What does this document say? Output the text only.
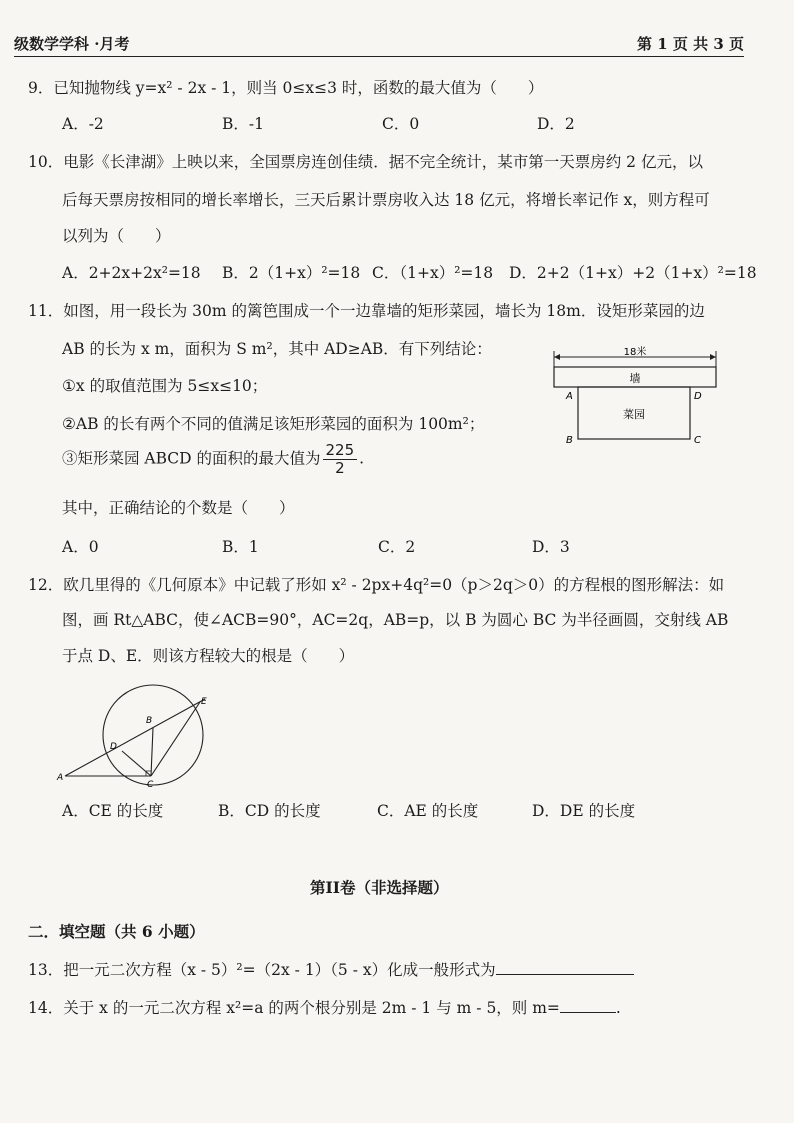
级数学学科 ·月考	第 1 页 共 3 页
9．已知抛物线 y=x² - 2x - 1，则当 0≤x≤3 时，函数的最大值为（　　）
A．-2	B．-1	C．0	D．2
10．电影《长津湖》上映以来，全国票房连创佳绩．据不完全统计，某市第一天票房约 2 亿元，以
后每天票房按相同的增长率增长，三天后累计票房收入达 18 亿元，将增长率记作 x，则方程可
以列为（　　）
A．2+2x+2x²=18 B．2（1+x）²=18 C．（1+x）²=18 D．2+2（1+x）+2（1+x）²=18
11．如图，用一段长为 30m 的篱笆围成一个一边靠墙的矩形菜园，墙长为 18m．设矩形菜园的边
AB 的长为 x m，面积为 S m²，其中 AD≥AB．有下列结论：
①x 的取值范围为 5≤x≤10；
②AB 的长有两个不同的值满足该矩形菜园的面积为 100m²；
③矩形菜园 ABCD 的面积的最大值为 $\frac{225}{2}$ .
其中，正确结论的个数是（　　）
A．0	B．1	C．2	D．3
18米
墙
菜园
A	D
B	C
12．欧几里得的《几何原本》中记载了形如 x² - 2px+4q²=0（p＞2q＞0）的方程根的图形解法：如
图，画 Rt△ABC，使∠ACB=90°，AC=2q，AB=p，以 B 为圆心 BC 为半径画圆，交射线 AB
于点 D、E．则该方程较大的根是（　　）
A
B
C
D
E
A．CE 的长度	B．CD 的长度	C．AE 的长度	D．DE 的长度
第II卷（非选择题）
二．填空题（共 6 小题）
13．把一元二次方程（x - 5）²=（2x - 1）（5 - x）化成一般形式为
14．关于 x 的一元二次方程 x²=a 的两个根分别是 2m - 1 与 m - 5，则 m=	.
